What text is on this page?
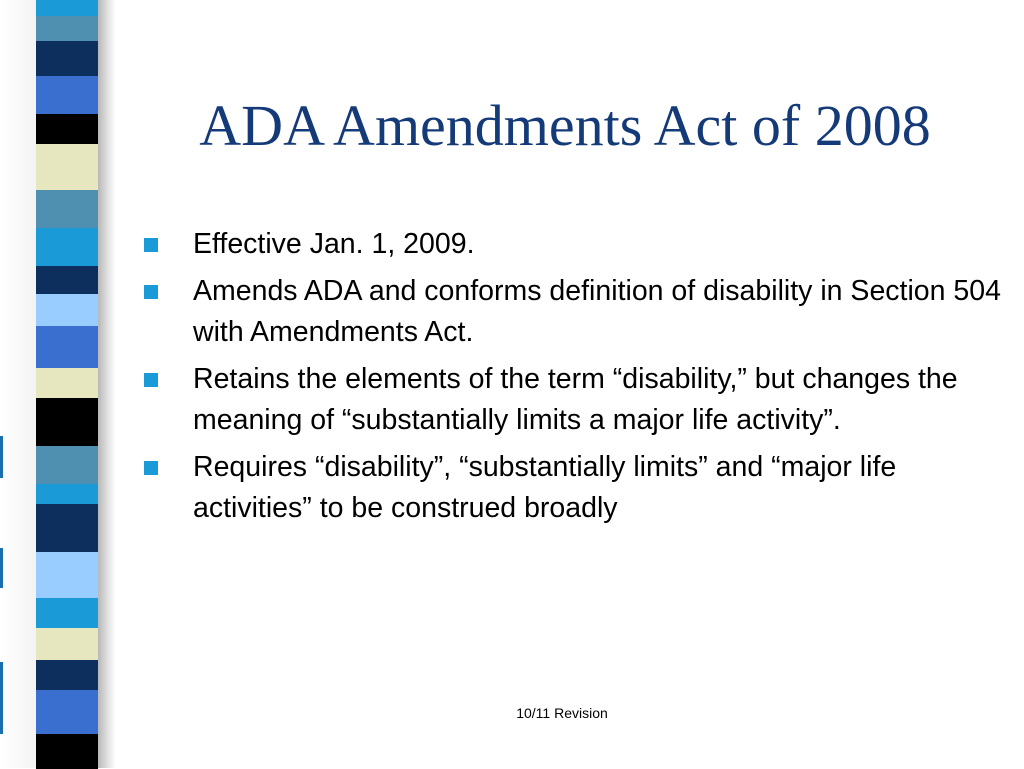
ADA Amendments Act of 2008
Effective Jan. 1, 2009.
Amends ADA and conforms definition of disability in Section 504 with Amendments Act.
Retains the elements of the term “disability,” but changes the meaning of “substantially limits a major life activity”.
Requires “disability”, “substantially limits” and “major life activities” to be construed broadly
10/11 Revision
